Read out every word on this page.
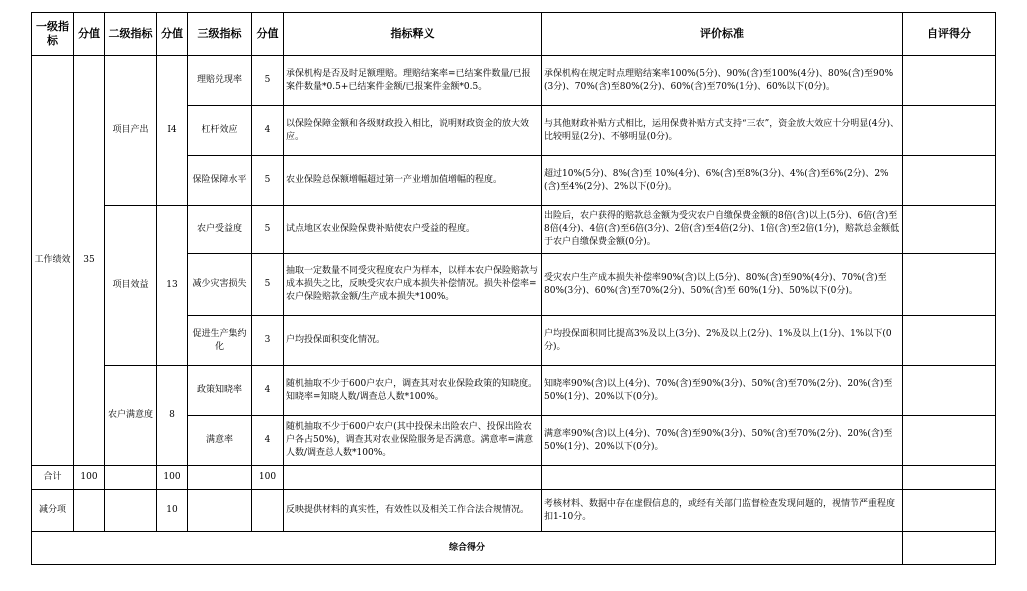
一级指标	分值	二级指标	分值	三级指标	分值	指标释义	评价标准	自评得分
工作绩效	35	项目产出	I4	理赔兑现率	5	承保机构是否及时足额理赔。理赔结案率=已结案件数量/已报案件数量*0.5+已结案件金额/已报案件金额*0.5。	承保机构在规定时点理赔结案率100%(5分)、90%(含)至100%(4分)、80%(含)至90%(3分)、70%(含)至80%(2分)、60%(含)至70%(1分)、60%以下(0分)。	
				杠杆效应	4	以保险保障金额和各级财政投入相比，说明财政资金的放大效应。	与其他财政补贴方式相比，运用保费补贴方式支持“三农”，资金放大效应十分明显(4分)、比较明显(2分)、不够明显(0分)。	
				保险保障水平	5	农业保险总保额增幅超过第一产业增加值增幅的程度。	超过10%(5分)、8%(含)至 10%(4分)、6%(含)至8%(3分)、4%(含)至6%(2分)、2%(含)至4%(2分)、2%以下(0分)。	
		项目效益	13	农户受益度	5	试点地区农业保险保费补贴使农户受益的程度。	出险后，农户获得的赔款总金额为受灾农户自缴保费金额的8倍(含)以上(5分)、6倍(含)至8倍(4分)、4倍(含)至6倍(3分)、2倍(含)至4倍(2分)、1倍(含)至2倍(1分)，赔款总金额低于农户自缴保费金额(0分)。	
				减少灾害损失	5	抽取一定数量不同受灾程度农户为样本，以样本农户保险赔款与成本损失之比，反映受灾农户成本损失补偿情况。损失补偿率=农户保险赔款金额/生产成本损失*100%。	受灾农户生产成本损失补偿率90%(含)以上(5分)、80%(含)至90%(4分)、70%(含)至80%(3分)、60%(含)至70%(2分)、50%(含)至 60%(1分)、50%以下(0分)。	
				促进生产集约化	3	户均投保面积变化情况。	户均投保面积同比提高3%及以上(3分)、2%及以上(2分)、1%及以上(1分)、1%以下(0分)。	
		农户满意度	8	政策知晓率	4	随机抽取不少于600户农户，调查其对农业保险政策的知晓度。知晓率=知晓人数/调查总人数*100%。	知晓率90%(含)以上(4分)、70%(含)至90%(3分)、50%(含)至70%(2分)、20%(含)至50%(1分)、20%以下(0分)。	
				满意率	4	随机抽取不少于600户农户(其中投保未出险农户、投保出险农户各占50%)，调查其对农业保险服务是否满意。满意率=满意人数/调查总人数*100%。	满意率90%(含)以上(4分)、70%(含)至90%(3分)、50%(含)至70%(2分)、20%(含)至50%(1分)、20%以下(0分)。	
合计	100		100		100			
减分项			10			反映提供材料的真实性，有效性以及相关工作合法合规情况。	考核材料、数据中存在虚假信息的，或经有关部门监督检查发现问题的，视情节严重程度扣1-10分。	
综合得分								
